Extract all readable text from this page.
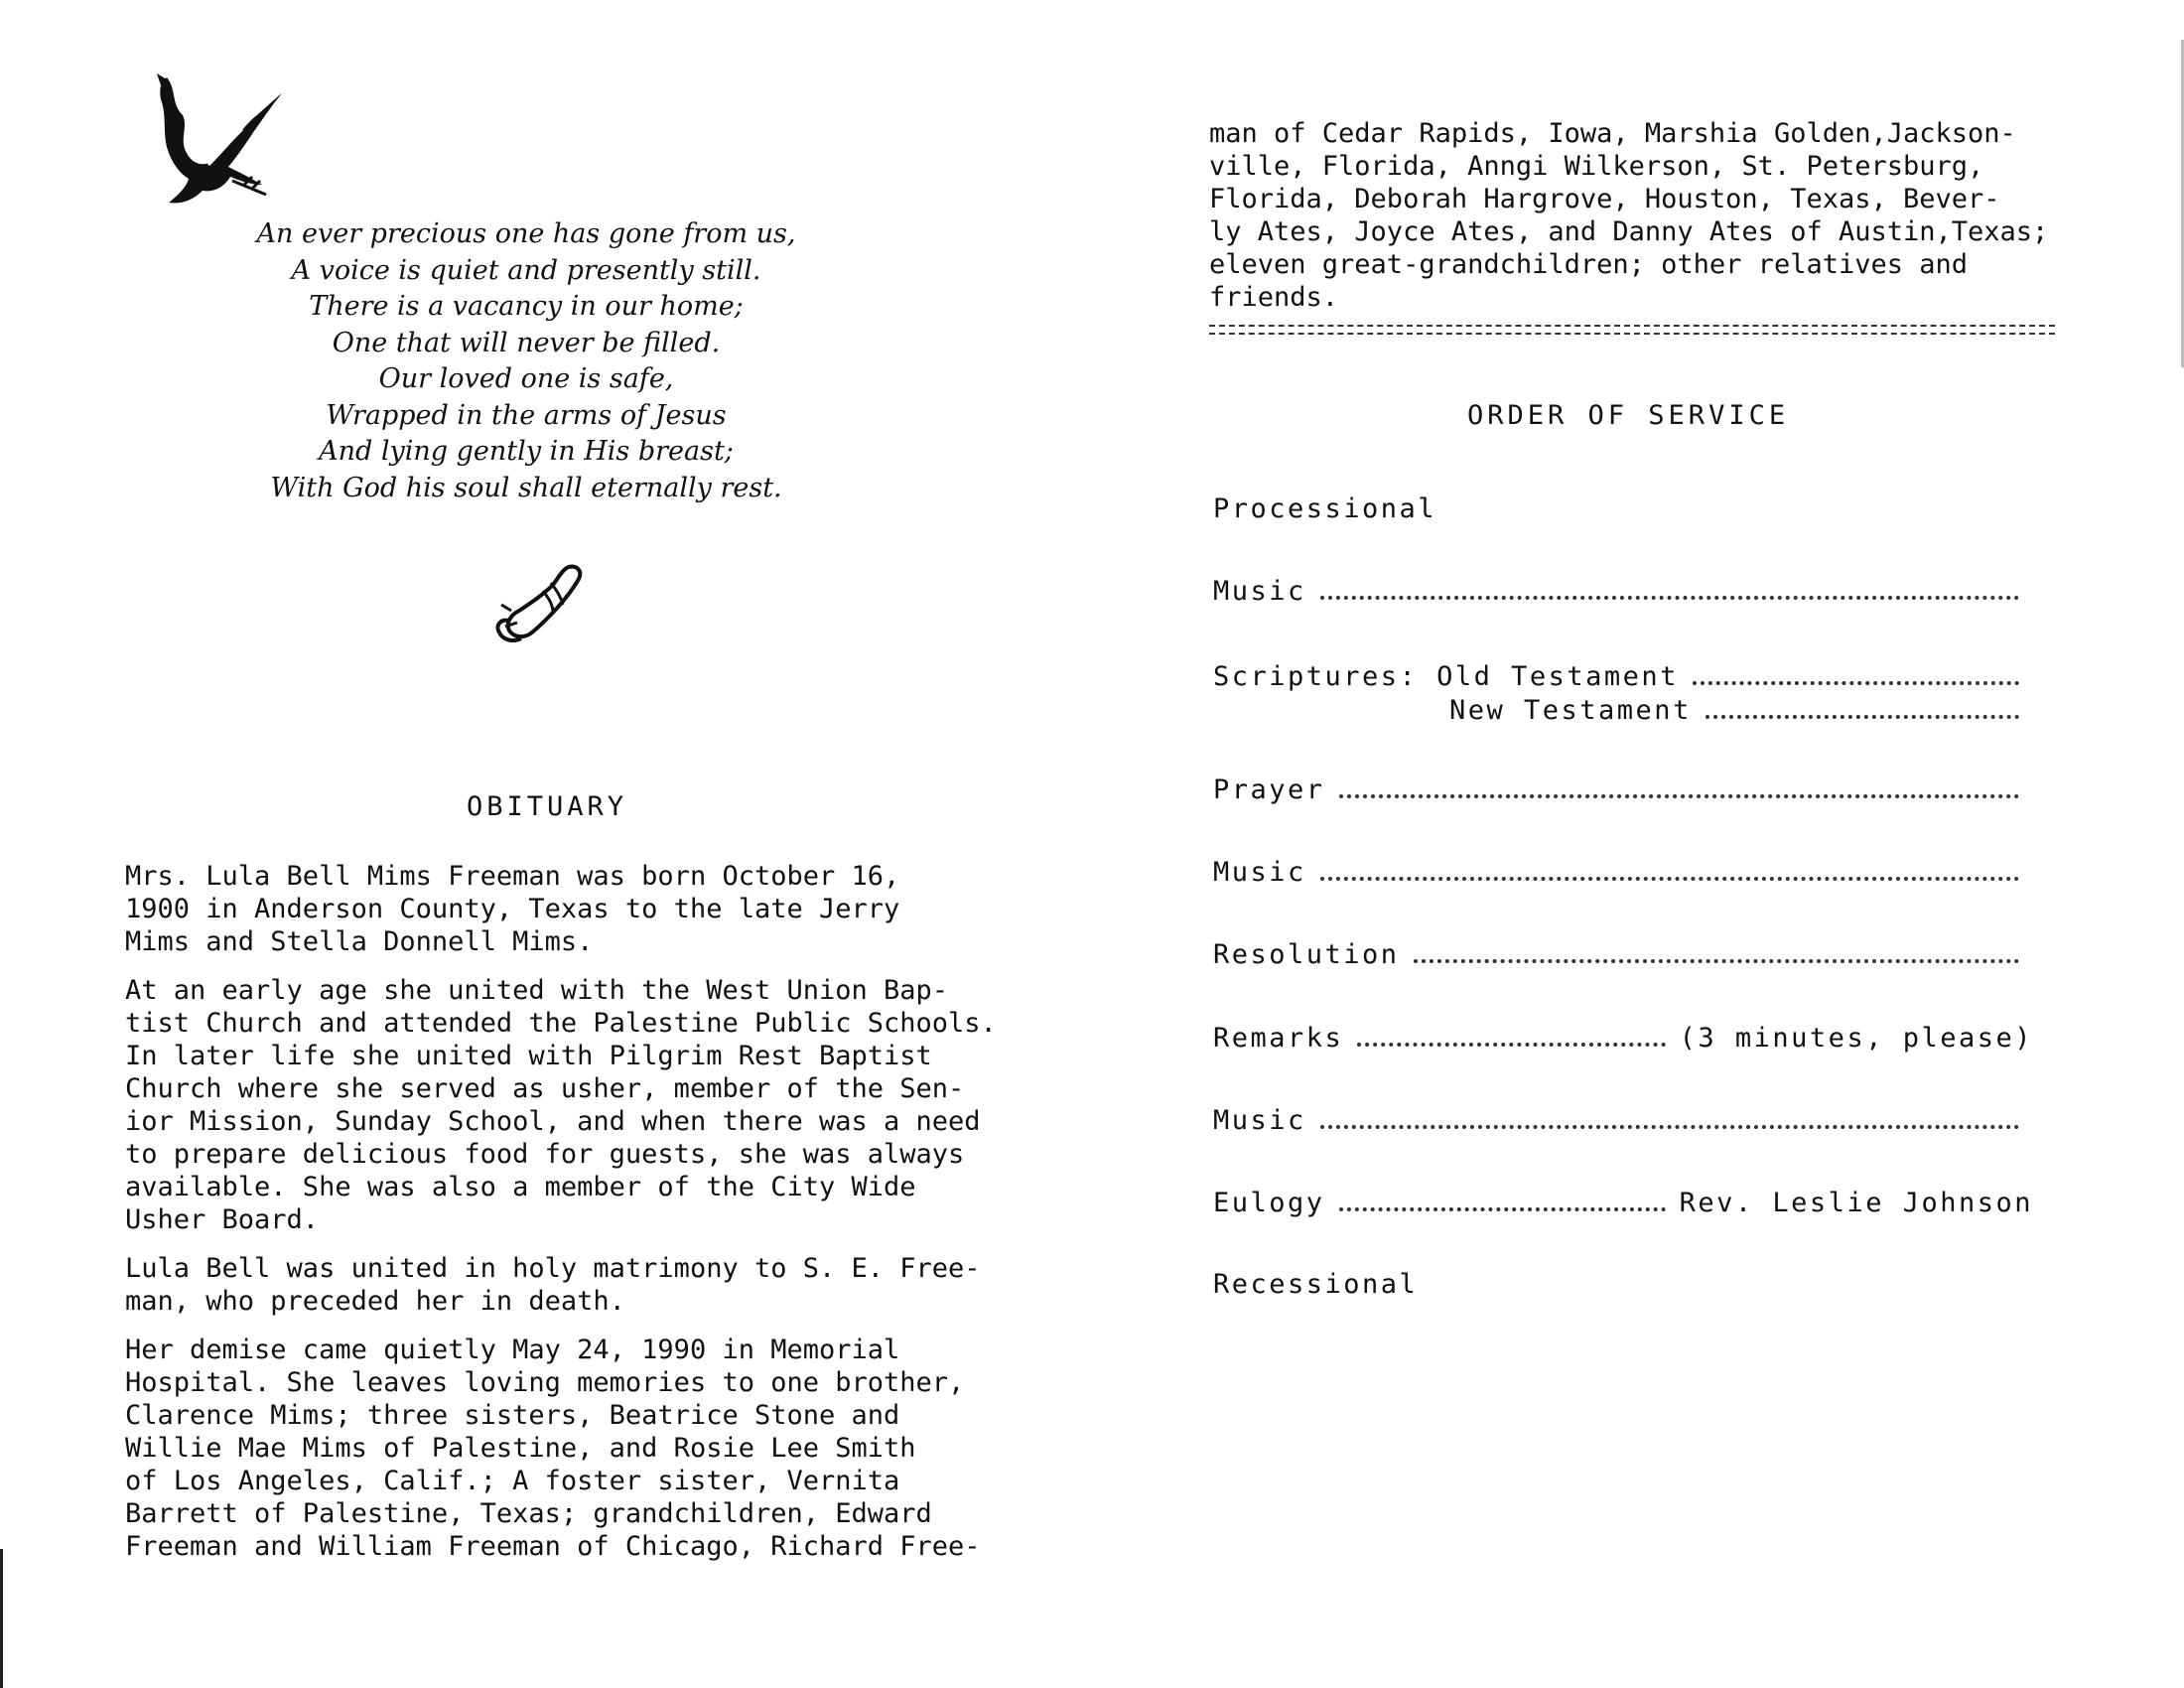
An ever precious one has gone from us,
A voice is quiet and presently still.
There is a vacancy in our home;
One that will never be filled.
Our loved one is safe,
Wrapped in the arms of Jesus
And lying gently in His breast;
With God his soul shall eternally rest.
OBITUARY

Mrs. Lula Bell Mims Freeman was born October 16,
1900 in Anderson County, Texas to the late Jerry
Mims and Stella Donnell Mims.

At an early age she united with the West Union Bap-
tist Church and attended the Palestine Public Schools.
In later life she united with Pilgrim Rest Baptist
Church where she served as usher, member of the Sen-
ior Mission, Sunday School, and when there was a need
to prepare delicious food for guests, she was always
available. She was also a member of the City Wide
Usher Board.

Lula Bell was united in holy matrimony to S. E. Free-
man, who preceded her in death.

Her demise came quietly May 24, 1990 in Memorial
Hospital. She leaves loving memories to one brother,
Clarence Mims; three sisters, Beatrice Stone and
Willie Mae Mims of Palestine, and Rosie Lee Smith
of Los Angeles, Calif.; A foster sister, Vernita
Barrett of Palestine, Texas; grandchildren, Edward
Freeman and William Freeman of Chicago, Richard Free-

man of Cedar Rapids, Iowa, Marshia Golden,Jackson-
ville, Florida, Anngi Wilkerson, St. Petersburg,
Florida, Deborah Hargrove, Houston, Texas, Bever-
ly Ates, Joyce Ates, and Danny Ates of Austin,Texas;
eleven great-grandchildren; other relatives and
friends.
ORDER OF SERVICE
Processional
Music
Scriptures: Old Testament
New Testament
Prayer
Music
Resolution
Remarks	(3 minutes, please)
Music
Eulogy	Rev. Leslie Johnson
Recessional
